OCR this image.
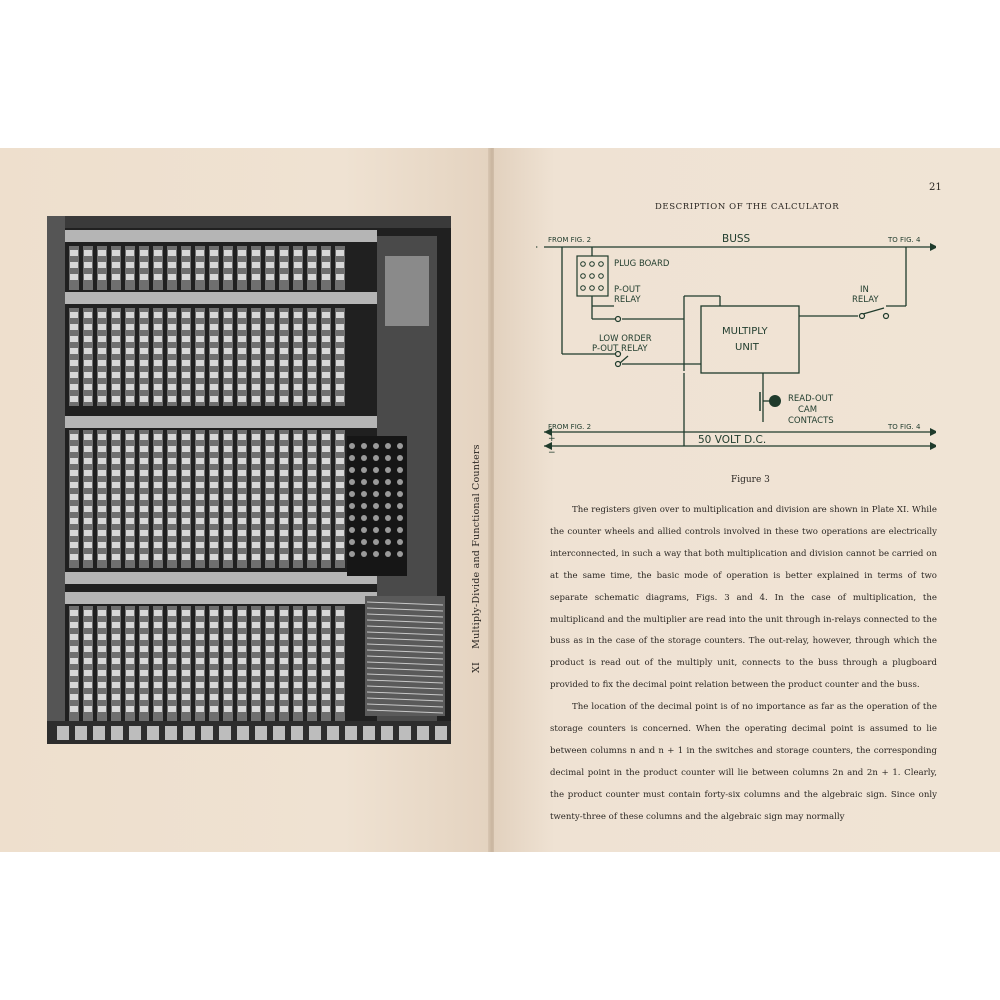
XI Multiply-Divide and Functional Counters
21
DESCRIPTION OF THE CALCULATOR
FROM FIG. 2	BUSS	TO FIG. 4
PLUG BOARD
P-OUT
RELAY
IN
RELAY
MULTIPLY
UNIT
LOW ORDER
P-OUT RELAY
READ-OUT
CAM
CONTACTS
FROM FIG. 2	TO FIG. 4
+
−
50 VOLT D.C.
Figure 3

The registers given over to multiplication and division are shown in Plate XI. While the counter wheels and allied controls involved in these two operations are electrically interconnected, in such a way that both multiplication and division cannot be carried on at the same time, the basic mode of operation is better explained in terms of two separate schematic diagrams, Figs. 3 and 4. In the case of multiplication, the multiplicand and the multiplier are read into the unit through in-relays connected to the buss as in the case of the storage counters. The out-relay, however, through which the product is read out of the multiply unit, connects to the buss through a plugboard provided to fix the decimal point relation between the product counter and the buss.

The location of the decimal point is of no importance as far as the operation of the storage counters is concerned. When the operating decimal point is assumed to lie between columns n and n + 1 in the switches and storage counters, the corresponding decimal point in the product counter will lie between columns 2n and 2n + 1. Clearly, the product counter must contain forty-six columns and the algebraic sign. Since only twenty-three of these columns and the algebraic sign may normally
